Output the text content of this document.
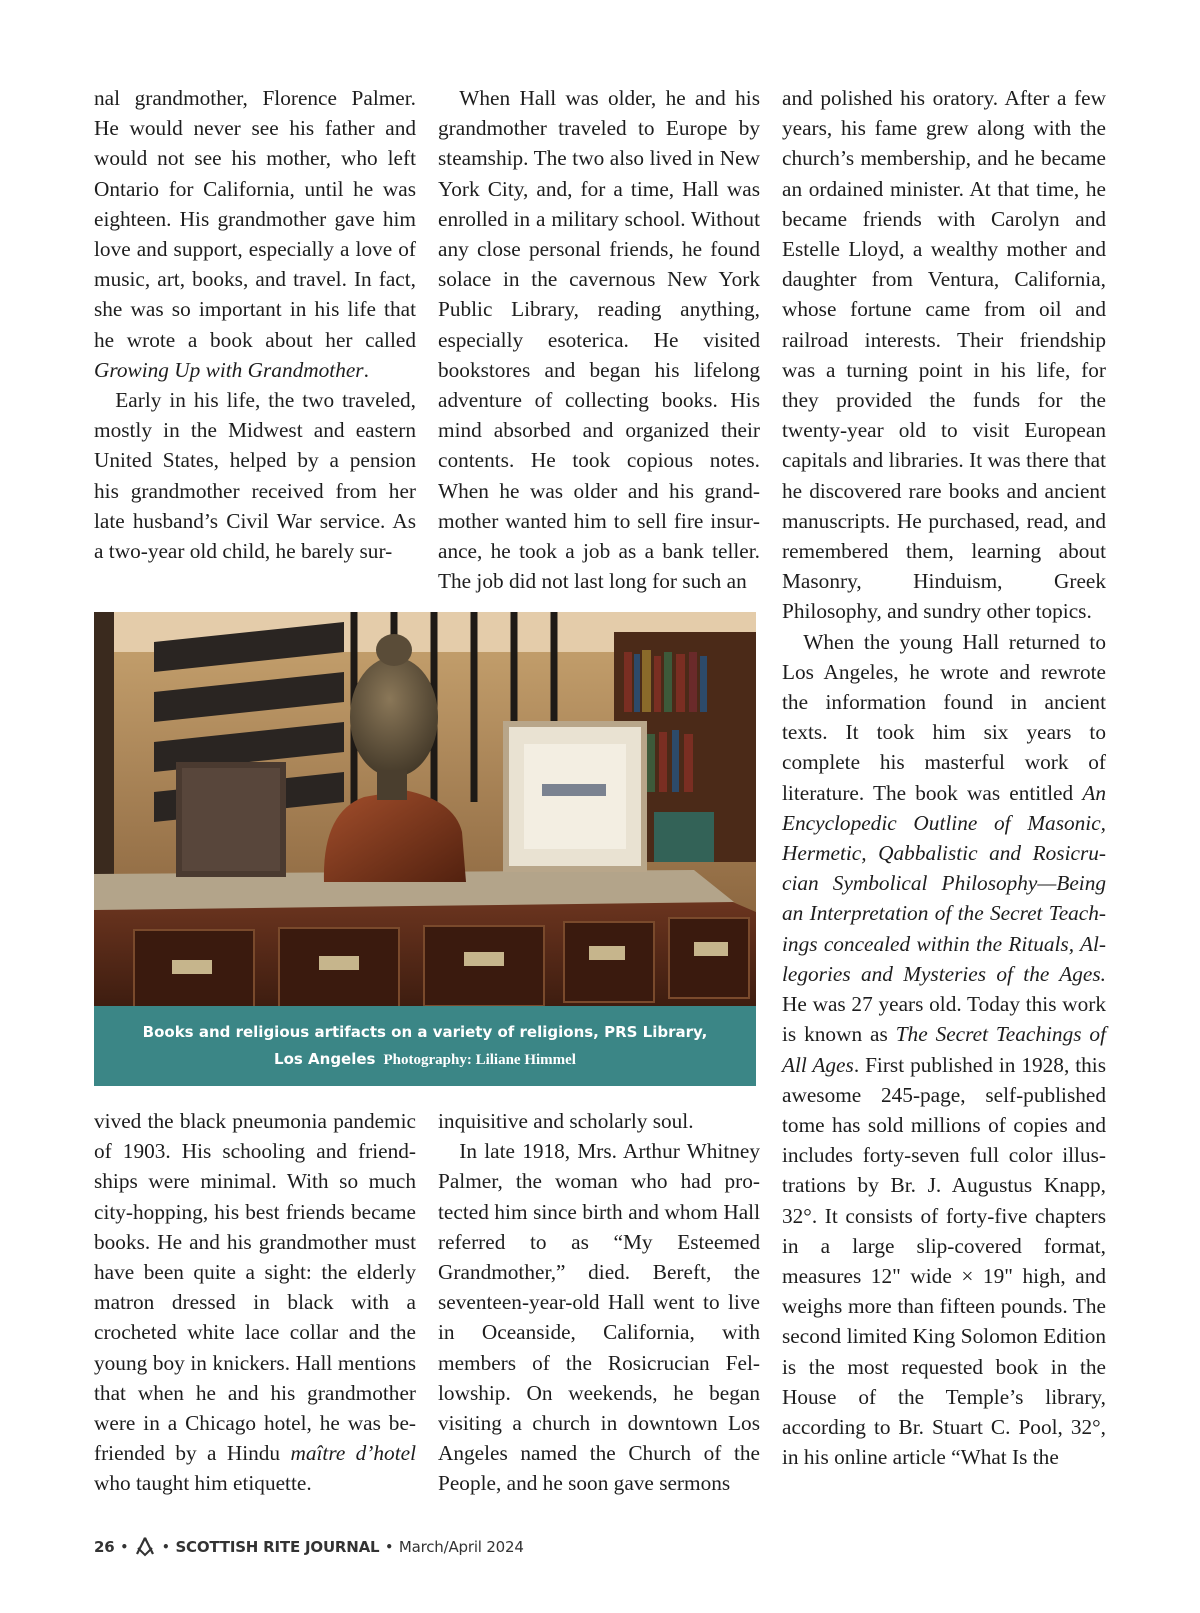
nal grandmother, Florence Palmer. He would never see his father and would not see his mother, who left Ontario for California, until he was eighteen. His grandmother gave him love and support, especially a love of music, art, books, and travel. In fact, she was so important in his life that he wrote a book about her called Growing Up with Grandmother.

Early in his life, the two traveled, mostly in the Midwest and eastern United States, helped by a pension his grandmother received from her late husband’s Civil War service. As a two-year old child, he barely sur-

When Hall was older, he and his grandmother traveled to Europe by steamship. The two also lived in New York City, and, for a time, Hall was enrolled in a military school. Without any close personal friends, he found solace in the cavernous New York Public Library, reading anything, especially esoterica. He visited bookstores and began his lifelong adventure of collecting books. His mind absorbed and organized their contents. He took copious notes. When he was older and his grandmother wanted him to sell fire insurance, he took a job as a bank teller. The job did not last long for such an

and polished his oratory. After a few years, his fame grew along with the church’s membership, and he became an ordained minister. At that time, he became friends with Carolyn and Estelle Lloyd, a wealthy mother and daughter from Ventura, California, whose fortune came from oil and railroad interests. Their friendship was a turning point in his life, for they provided the funds for the twenty-year old to visit European capitals and libraries. It was there that he discovered rare books and ancient manuscripts. He purchased, read, and remembered them, learning about Masonry, Hinduism, Greek Philosophy, and sundry other topics.

When the young Hall returned to Los Angeles, he wrote and rewrote the information found in ancient texts. It took him six years to complete his masterful work of literature. The book was entitled An Encyclopedic Outline of Masonic, Hermetic, Qabbalistic and Rosicrucian Symbolical Philosophy—Being an Interpretation of the Secret Teachings concealed within the Rituals, Allegories and Mysteries of the Ages. He was 27 years old. Today this work is known as The Secret Teachings of All Ages. First published in 1928, this awesome 245-page, self-published tome has sold millions of copies and includes forty-seven full color illustrations by Br. J. Augustus Knapp, 32°. It consists of forty-five chapters in a large slip-covered format, measures 12" wide × 19" high, and weighs more than fifteen pounds. The second limited King Solomon Edition is the most requested book in the House of the Temple’s library, according to Br. Stuart C. Pool, 32°, in his online article “What Is the

Books and religious artifacts on a variety of religions, PRS Library,
Los Angeles Photography: Liliane Himmel

vived the black pneumonia pandemic of 1903. His schooling and friendships were minimal. With so much city-hopping, his best friends became books. He and his grandmother must have been quite a sight: the elderly matron dressed in black with a crocheted white lace collar and the young boy in knickers. Hall mentions that when he and his grandmother were in a Chicago hotel, he was befriended by a Hindu maître d’hotel who taught him etiquette.

inquisitive and scholarly soul.

In late 1918, Mrs. Arthur Whitney Palmer, the woman who had protected him since birth and whom Hall referred to as “My Esteemed Grandmother,” died. Bereft, the seventeen-year-old Hall went to live in Oceanside, California, with members of the Rosicrucian Fellowship. On weekends, he began visiting a church in downtown Los Angeles named the Church of the People, and he soon gave sermons

26 •	• SCOTTISH RITE JOURNAL • March/April 2024
